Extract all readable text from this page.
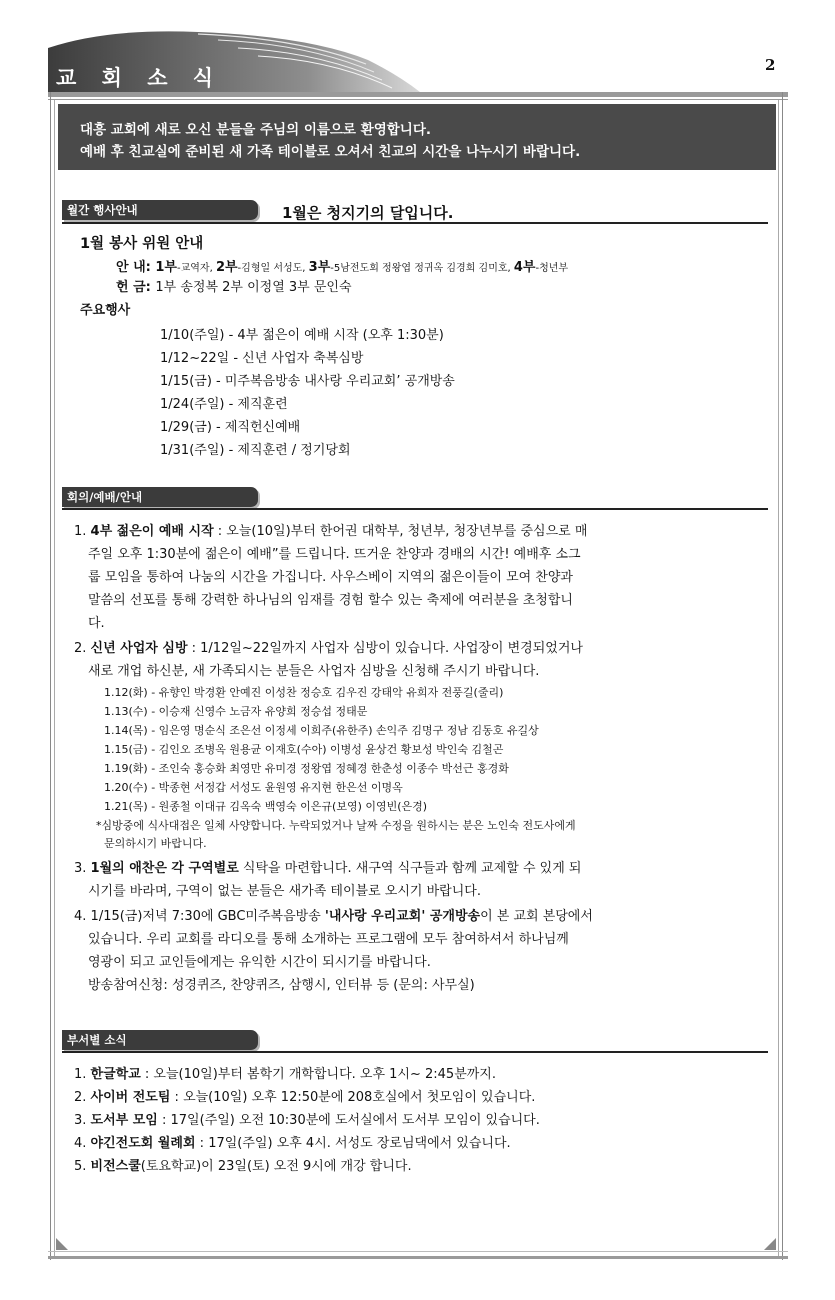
교 회 소 식
2

대흥 교회에 새로 오신 분들을 주님의 이름으로 환영합니다.

예배 후 친교실에 준비된 새 가족 테이블로 오셔서 친교의 시간을 나누시기 바랍니다.

월간 행사안내	1월은 청지기의 달입니다.
1월 봉사 위원 안내
안 내: 1부-교역자, 2부-김형일 서성도, 3부-5남전도회 정왕엽 정귀옥 김경희 김미호, 4부-청년부
헌 금: 1부 송정복 2부 이정열 3부 문인숙
주요행사
1/10(주일) - 4부 젊은이 예배 시작 (오후 1:30분)
1/12~22일 - 신년 사업자 축복심방
1/15(금) - 미주복음방송 내사랑 우리교회’ 공개방송
1/24(주일) - 제직훈련
1/29(금) - 제직헌신예배
1/31(주일) - 제직훈련 / 정기당회
회의/예배/안내
1. 4부 젊은이 예배 시작 : 오늘(10일)부터 한어권 대학부, 청년부, 청장년부를 중심으로 매
주일 오후 1:30분에 젊은이 예배”를 드립니다. 뜨거운 찬양과 경배의 시간! 예배후 소그
룹 모임을 통하여 나눔의 시간을 가집니다. 사우스베이 지역의 젊은이들이 모여 찬양과
말씀의 선포를 통해 강력한 하나님의 임재를 경험 할수 있는 축제에 여러분을 초청합니
다.
2. 신년 사업자 심방 : 1/12일~22일까지 사업자 심방이 있습니다. 사업장이 변경되었거나
새로 개업 하신분, 새 가족되시는 분들은 사업자 심방을 신청해 주시기 바랍니다.
1.12(화) - 유향인 박경환 안예진 이성찬 정승호 김우진 강태악 유희자 전풍길(줄리)
1.13(수) - 이승재 신영수 노금자 유양희 정승섭 정태문
1.14(목) - 임은영 명순식 조은선 이정세 이희주(유한주) 손익주 김명구 정남 김동호 유길상
1.15(금) - 김인오 조병옥 원용균 이재호(수아) 이병성 윤상건 황보성 박인숙 김철곤
1.19(화) - 조인숙 홍승화 최영만 유미경 정왕엽 정혜경 한춘성 이종수 박선근 홍경화
1.20(수) - 박종현 서정갑 서성도 윤원영 유지현 한은선 이명옥
1.21(목) - 원종철 이대규 김옥숙 백영숙 이은규(보영) 이영빈(은경)
*심방중에 식사대접은 일체 사양합니다. 누락되었거나 날짜 수정을 원하시는 분은 노인숙 전도사에게
문의하시기 바랍니다.
3. 1월의 애찬은 각 구역별로 식탁을 마련합니다. 새구역 식구들과 함께 교제할 수 있게 되
시기를 바라며, 구역이 없는 분들은 새가족 테이블로 오시기 바랍니다.
4. 1/15(금)저녁 7:30에 GBC미주복음방송 '내사랑 우리교회' 공개방송이 본 교회 본당에서
있습니다. 우리 교회를 라디오를 통해 소개하는 프로그램에 모두 참여하셔서 하나님께
영광이 되고 교인들에게는 유익한 시간이 되시기를 바랍니다.
방송참여신청: 성경퀴즈, 찬양퀴즈, 삼행시, 인터뷰 등 (문의: 사무실)
부서별 소식
1. 한글학교 : 오늘(10일)부터 봄학기 개학합니다. 오후 1시~ 2:45분까지.
2. 사이버 전도팀 : 오늘(10일) 오후 12:50분에 208호실에서 첫모임이 있습니다.
3. 도서부 모임 : 17일(주일) 오전 10:30분에 도서실에서 도서부 모임이 있습니다.
4. 야긴전도회 월례회 : 17일(주일) 오후 4시. 서성도 장로님댁에서 있습니다.
5. 비전스쿨(토요학교)이 23일(토) 오전 9시에 개강 합니다.
